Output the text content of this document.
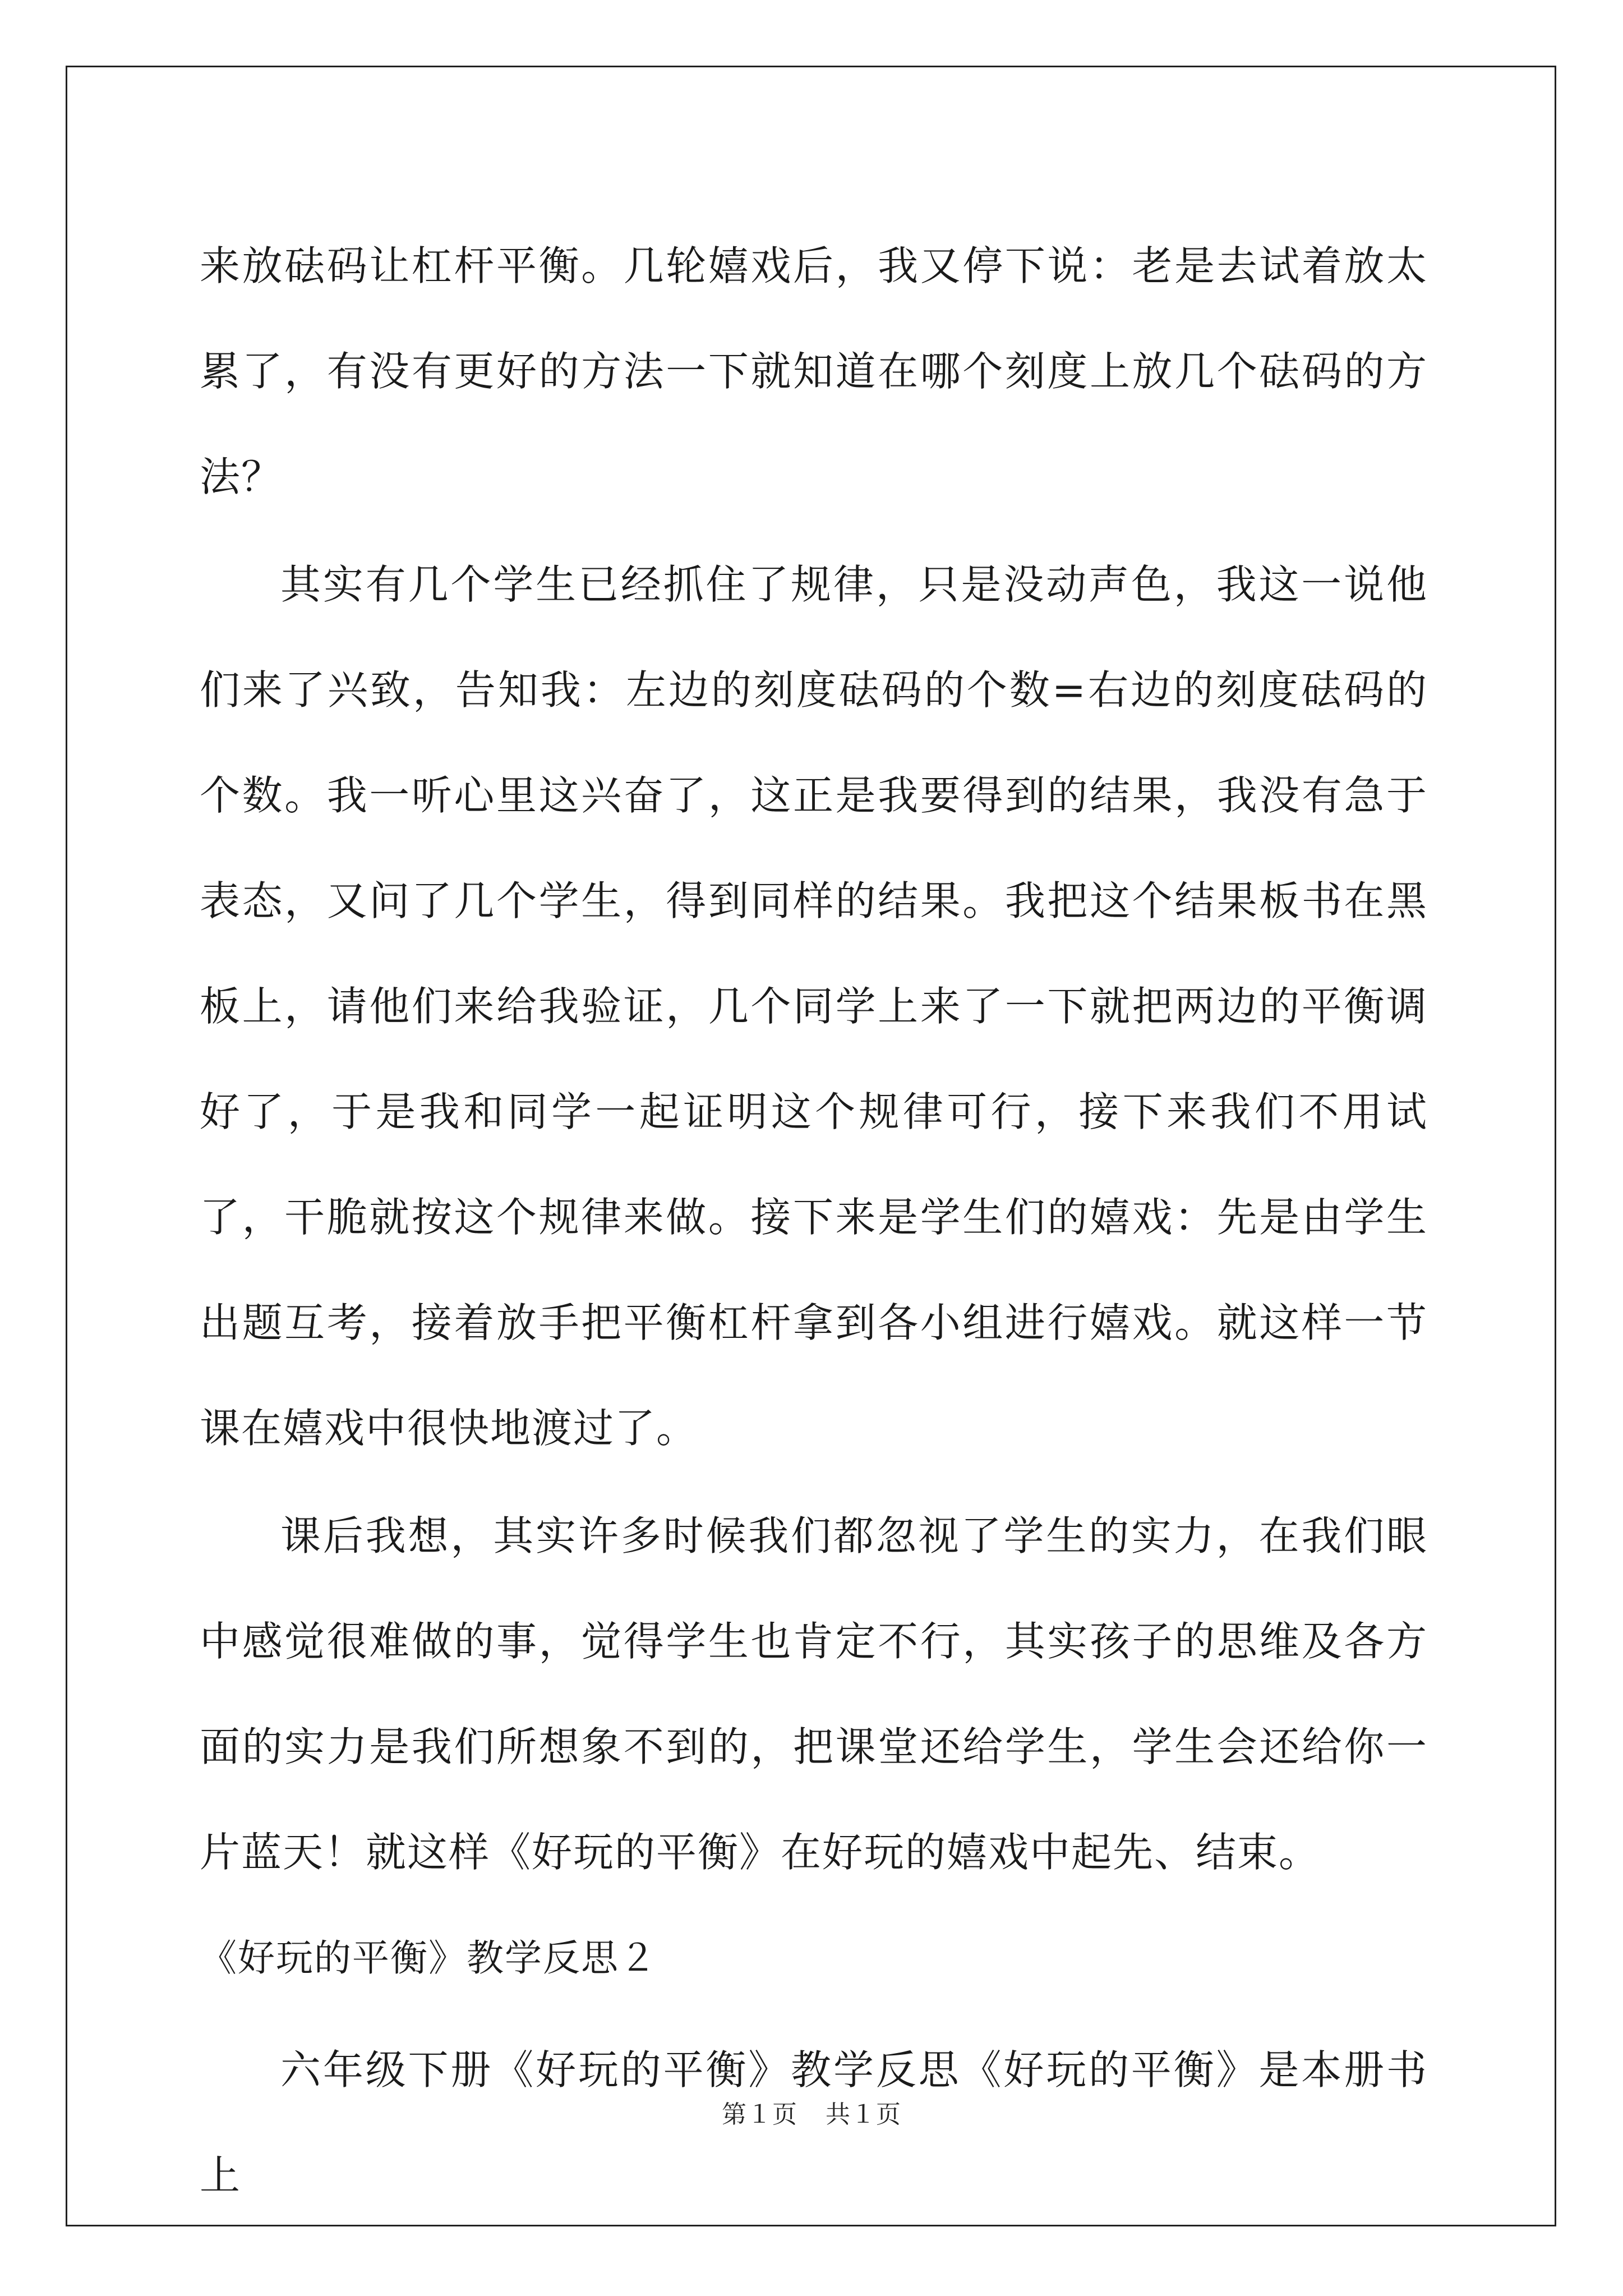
来放砝码让杠杆平衡。几轮嬉戏后，我又停下说：老是去试着放太累了，有没有更好的方法一下就知道在哪个刻度上放几个砝码的方法？

其实有几个学生已经抓住了规律，只是没动声色，我这一说他们来了兴致，告知我：左边的刻度砝码的个数=右边的刻度砝码的个数。我一听心里这兴奋了，这正是我要得到的结果，我没有急于表态，又问了几个学生，得到同样的结果。我把这个结果板书在黑板上，请他们来给我验证，几个同学上来了一下就把两边的平衡调好了，于是我和同学一起证明这个规律可行，接下来我们不用试了，干脆就按这个规律来做。接下来是学生们的嬉戏：先是由学生出题互考，接着放手把平衡杠杆拿到各小组进行嬉戏。就这样一节课在嬉戏中很快地渡过了。

课后我想，其实许多时候我们都忽视了学生的实力，在我们眼中感觉很难做的事，觉得学生也肯定不行，其实孩子的思维及各方面的实力是我们所想象不到的，把课堂还给学生，学生会还给你一片蓝天！就这样《好玩的平衡》在好玩的嬉戏中起先、结束。

《好玩的平衡》教学反思２

六年级下册《好玩的平衡》教学反思《好玩的平衡》是本册书上

第１页 共１页
